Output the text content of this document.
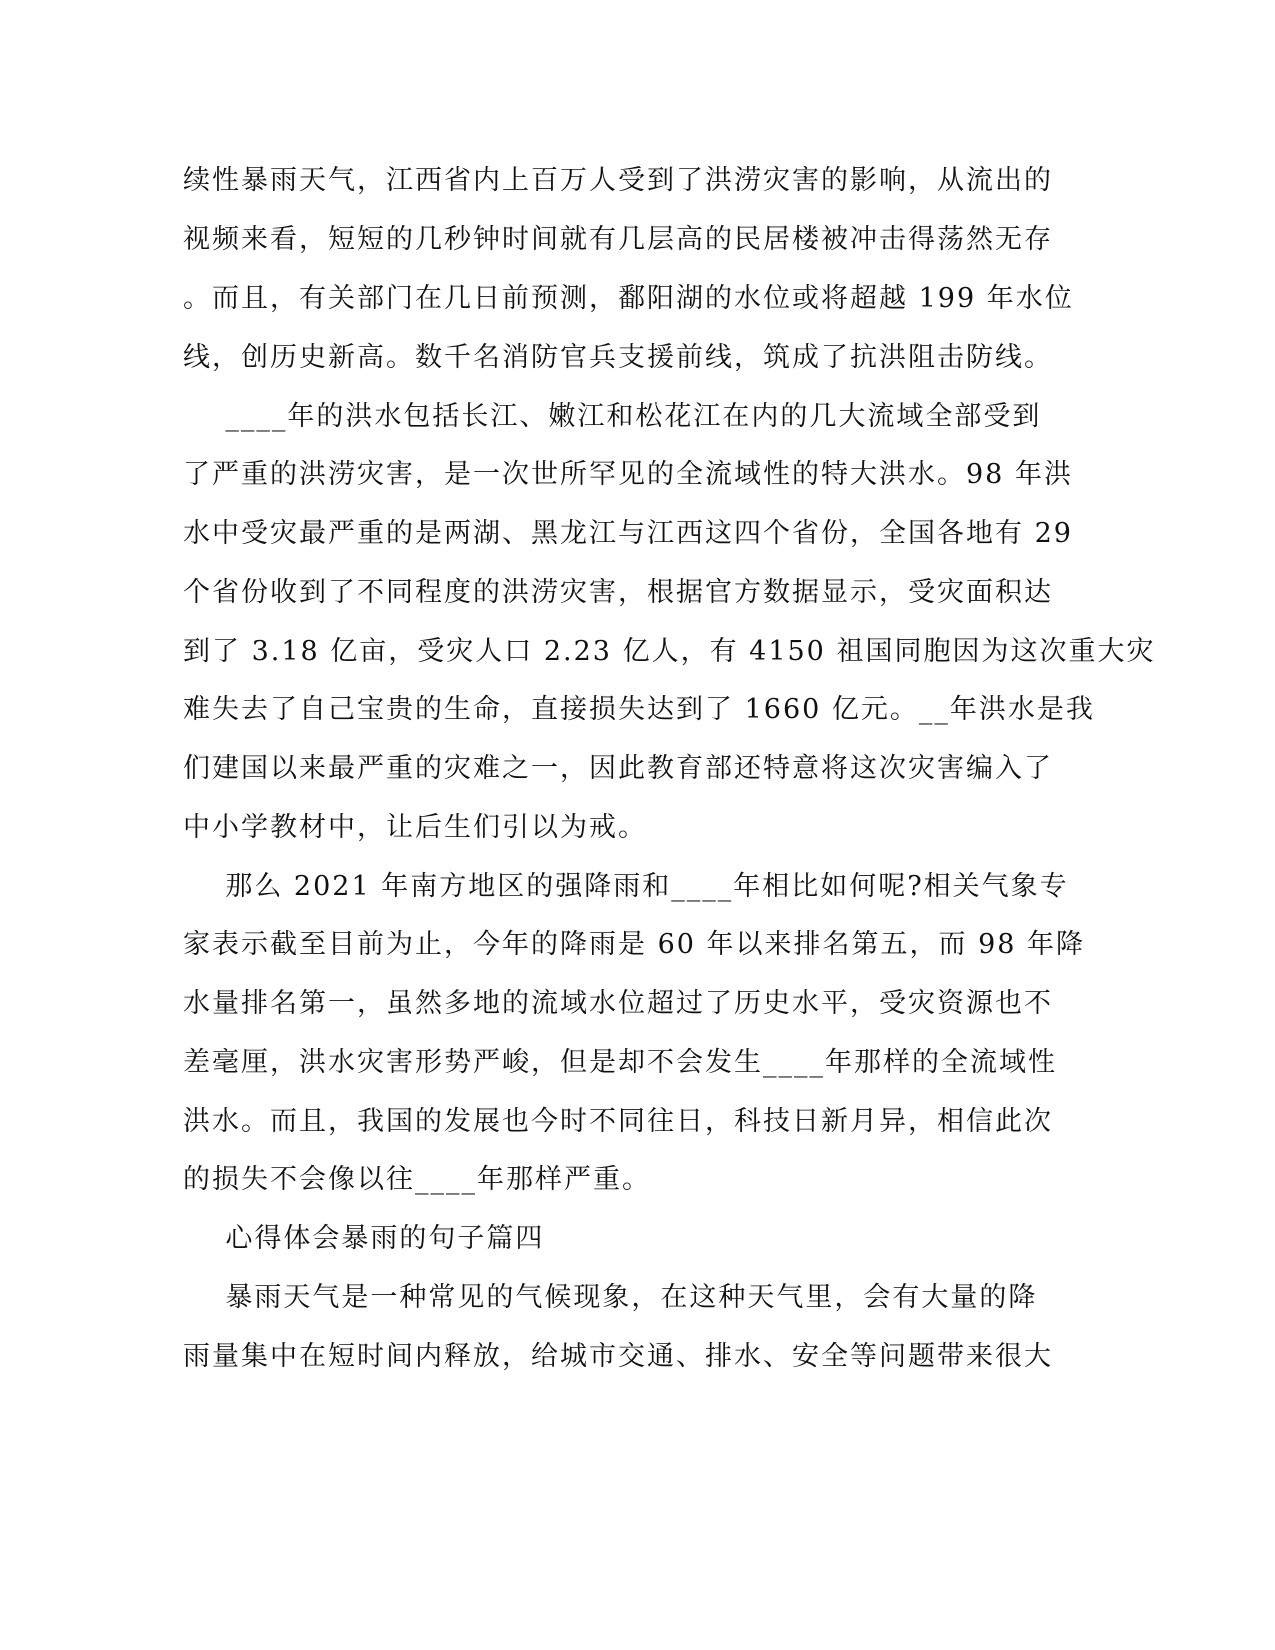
续性暴雨天气，江西省内上百万人受到了洪涝灾害的影响，从流出的
视频来看，短短的几秒钟时间就有几层高的民居楼被冲击得荡然无存
。而且，有关部门在几日前预测，鄱阳湖的水位或将超越 199 年水位
线，创历史新高。数千名消防官兵支援前线，筑成了抗洪阻击防线。
____年的洪水包括长江、嫩江和松花江在内的几大流域全部受到
了严重的洪涝灾害，是一次世所罕见的全流域性的特大洪水。98 年洪
水中受灾最严重的是两湖、黑龙江与江西这四个省份，全国各地有 29
个省份收到了不同程度的洪涝灾害，根据官方数据显示，受灾面积达
到了 3.18 亿亩，受灾人口 2.23 亿人，有 4150 祖国同胞因为这次重大灾
难失去了自己宝贵的生命，直接损失达到了 1660 亿元。__年洪水是我
们建国以来最严重的灾难之一，因此教育部还特意将这次灾害编入了
中小学教材中，让后生们引以为戒。
那么 2021 年南方地区的强降雨和____年相比如何呢?相关气象专
家表示截至目前为止，今年的降雨是 60 年以来排名第五，而 98 年降
水量排名第一，虽然多地的流域水位超过了历史水平，受灾资源也不
差毫厘，洪水灾害形势严峻，但是却不会发生____年那样的全流域性
洪水。而且，我国的发展也今时不同往日，科技日新月异，相信此次
的损失不会像以往____年那样严重。
心得体会暴雨的句子篇四
暴雨天气是一种常见的气候现象，在这种天气里，会有大量的降
雨量集中在短时间内释放，给城市交通、排水、安全等问题带来很大
